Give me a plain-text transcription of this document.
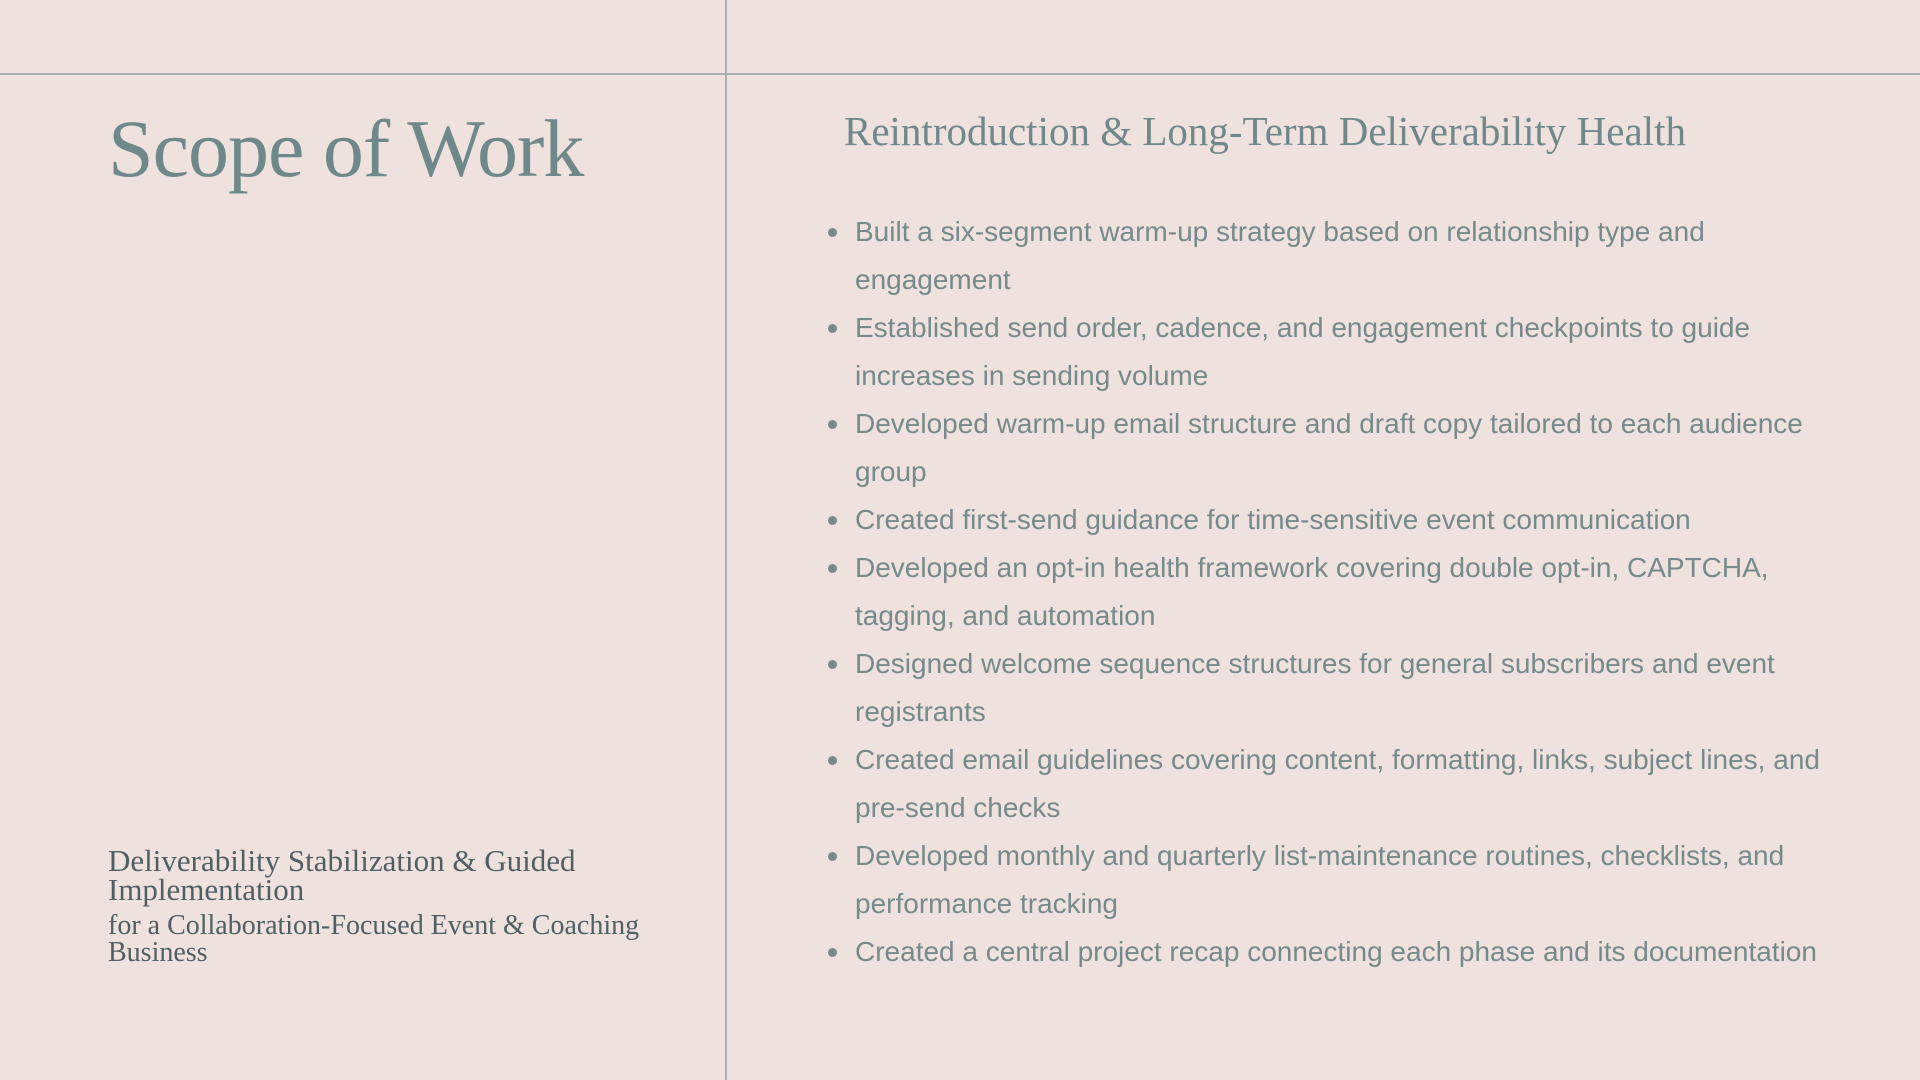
Scope of Work

Deliverability Stabilization & Guided Implementation

for a Collaboration-Focused Event & Coaching Business

Reintroduction & Long-Term Deliverability Health
Built a six-segment warm-up strategy based on relationship type and engagement
Established send order, cadence, and engagement checkpoints to guide increases in sending volume
Developed warm-up email structure and draft copy tailored to each audience group
Created first-send guidance for time-sensitive event communication
Developed an opt-in health framework covering double opt-in, CAPTCHA, tagging, and automation
Designed welcome sequence structures for general subscribers and event registrants
Created email guidelines covering content, formatting, links, subject lines, and pre-send checks
Developed monthly and quarterly list-maintenance routines, checklists, and performance tracking
Created a central project recap connecting each phase and its documentation
